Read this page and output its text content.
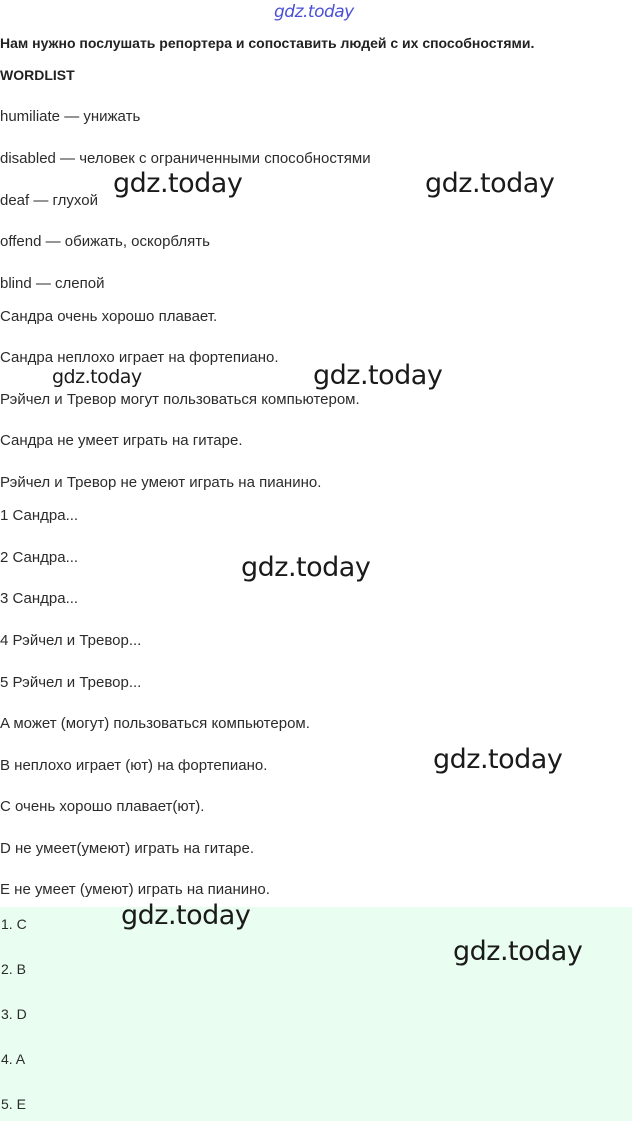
gdz.today
Нам нужно послушать репортера и сопоставить людей с их способностями.
WORDLIST
humiliate — унижать
disabled — человек с ограниченными способностями
deaf — глухой
offend — обижать, оскорблять
blind — слепой
Сандра очень хорошо плавает.
Сандра неплохо играет на фортепиано.
Рэйчел и Тревор могут пользоваться компьютером.
Сандра не умеет играть на гитаре.
Рэйчел и Тревор не умеют играть на пианино.
1 Сандра...
2 Сандра...
3 Сандра...
4 Рэйчел и Тревор...
5 Рэйчел и Тревор...
A может (могут) пользоваться компьютером.
B неплохо играет (ют) на фортепиано.
C очень хорошо плавает(ют).
D не умеет(умеют) играть на гитаре.
E не умеет (умеют) играть на пианино.
1. C
2. B
3. D
4. A
5. E
gdz.today	gdz.today
gdz.today	gdz.today
gdz.today
gdz.today
gdz.today
gdz.today
